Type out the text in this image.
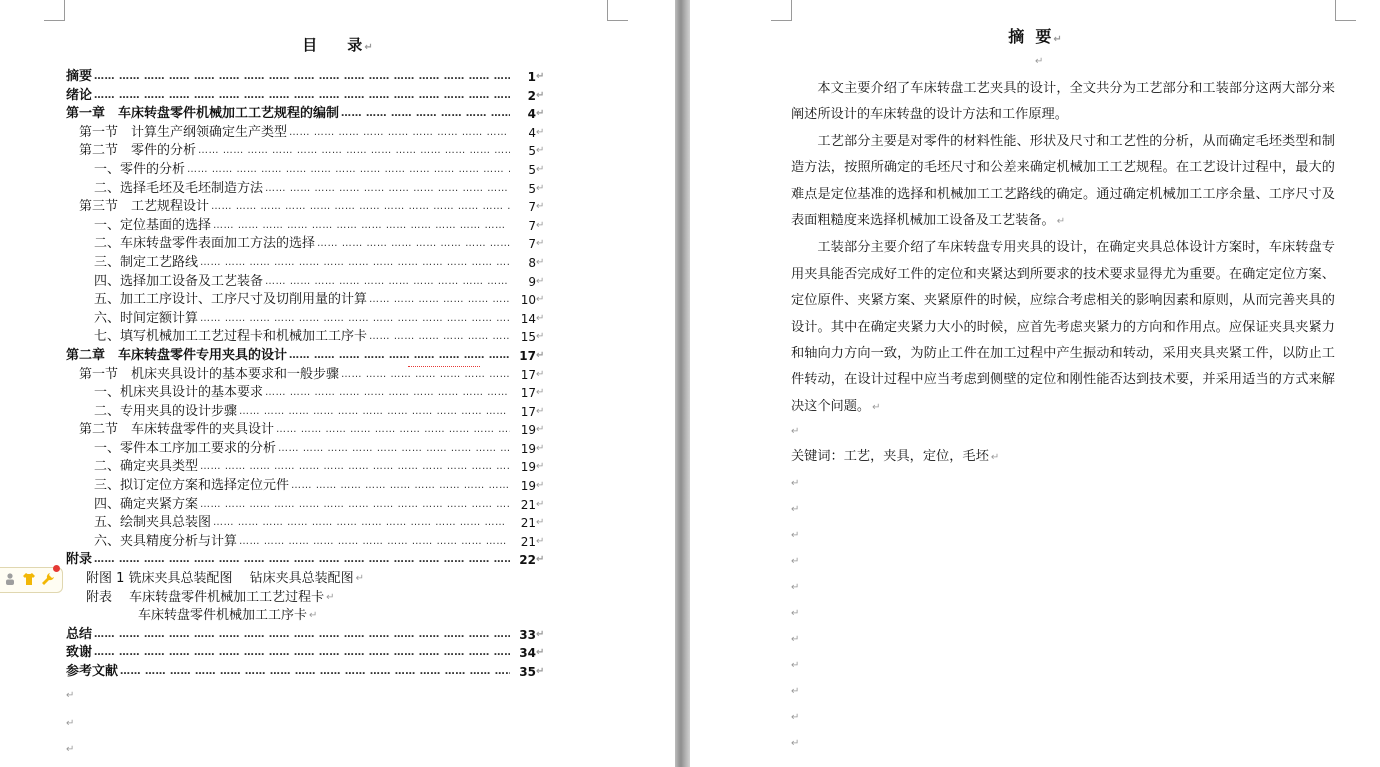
目　　录 ↵
摘要 …… …… …… …… …… …… …… …… …… …… …… …… …… …… …… …… …… …… …… ……	1 ↵
绪论 …… …… …… …… …… …… …… …… …… …… …… …… …… …… …… …… …… …… …… ……	2 ↵
第一章　车床转盘零件机械加工工艺规程的编制 …… …… …… …… …… …… …… …… …… …… …… …… …… …… …… …… …… …… …… ……	4 ↵
第一节　计算生产纲领确定生产类型 …… …… …… …… …… …… …… …… …… …… …… …… …… …… …… …… …… …… …… ……	4 ↵
第二节　零件的分析 …… …… …… …… …… …… …… …… …… …… …… …… …… …… …… …… …… …… …… ……	5 ↵
一、零件的分析 …… …… …… …… …… …… …… …… …… …… …… …… …… …… …… …… …… …… …… ……	5 ↵
二、选择毛坯及毛坯制造方法 …… …… …… …… …… …… …… …… …… …… …… …… …… …… …… …… …… …… …… ……	5 ↵
第三节　工艺规程设计 …… …… …… …… …… …… …… …… …… …… …… …… …… …… …… …… …… …… …… ……	7 ↵
一、定位基面的选择 …… …… …… …… …… …… …… …… …… …… …… …… …… …… …… …… …… …… …… ……	7 ↵
二、车床转盘零件表面加工方法的选择 …… …… …… …… …… …… …… …… …… …… …… …… …… …… …… …… …… …… …… ……	7 ↵
三、制定工艺路线 …… …… …… …… …… …… …… …… …… …… …… …… …… …… …… …… …… …… …… ……	8 ↵
四、选择加工设备及工艺装备 …… …… …… …… …… …… …… …… …… …… …… …… …… …… …… …… …… …… …… ……	9 ↵
五、加工工序设计、工序尺寸及切削用量的计算 …… …… …… …… …… …… …… …… …… …… …… …… …… …… …… …… …… …… …… ……	10 ↵
六、时间定额计算 …… …… …… …… …… …… …… …… …… …… …… …… …… …… …… …… …… …… …… ……	14 ↵
七、填写机械加工工艺过程卡和机械加工工序卡 …… …… …… …… …… …… …… …… …… …… …… …… …… …… …… …… …… …… …… ……	15 ↵
第二章　车床转盘零件专用夹具的设计 …… …… …… …… …… …… …… …… …… …… …… …… …… …… …… …… …… …… …… ……	17 ↵
第一节　机床夹具设计的基本要求和一般步骤 …… …… …… …… …… …… …… …… …… …… …… …… …… …… …… …… …… …… …… ……	17 ↵
一、机床夹具设计的基本要求 …… …… …… …… …… …… …… …… …… …… …… …… …… …… …… …… …… …… …… ……	17 ↵
二、专用夹具的设计步骤 …… …… …… …… …… …… …… …… …… …… …… …… …… …… …… …… …… …… …… ……	17 ↵
第二节　车床转盘零件的夹具设计 …… …… …… …… …… …… …… …… …… …… …… …… …… …… …… …… …… …… …… ……	19 ↵
一、零件本工序加工要求的分析 …… …… …… …… …… …… …… …… …… …… …… …… …… …… …… …… …… …… …… ……	19 ↵
二、确定夹具类型 …… …… …… …… …… …… …… …… …… …… …… …… …… …… …… …… …… …… …… ……	19 ↵
三、拟订定位方案和选择定位元件 …… …… …… …… …… …… …… …… …… …… …… …… …… …… …… …… …… …… …… ……	19 ↵
四、确定夹紧方案 …… …… …… …… …… …… …… …… …… …… …… …… …… …… …… …… …… …… …… ……	21 ↵
五、绘制夹具总装图 …… …… …… …… …… …… …… …… …… …… …… …… …… …… …… …… …… …… …… ……	21 ↵
六、夹具精度分析与计算 …… …… …… …… …… …… …… …… …… …… …… …… …… …… …… …… …… …… …… ……	21 ↵
附录 …… …… …… …… …… …… …… …… …… …… …… …… …… …… …… …… …… …… …… ……	22 ↵
附图 1 铣床夹具总装配图　 钻床夹具总装配图 ↵
附表　 车床转盘零件机械加工工艺过程卡 ↵
车床转盘零件机械加工工序卡 ↵
总结 …… …… …… …… …… …… …… …… …… …… …… …… …… …… …… …… …… …… …… ……	33 ↵
致谢 …… …… …… …… …… …… …… …… …… …… …… …… …… …… …… …… …… …… …… ……	34 ↵
参考文献 …… …… …… …… …… …… …… …… …… …… …… …… …… …… …… …… …… …… …… ……	35 ↵
↵
↵
↵
摘  要 ↵
↵

本文主要介绍了车床转盘工艺夹具的设计，全文共分为工艺部分和工装部分这两大部分来阐述所设计的车床转盘的设计方法和工作原理。

工艺部分主要是对零件的材料性能、形状及尺寸和工艺性的分析，从而确定毛坯类型和制造方法，按照所确定的毛坯尺寸和公差来确定机械加工工艺规程。在工艺设计过程中，最大的难点是定位基准的选择和机械加工工艺路线的确定。通过确定机械加工工序余量、工序尺寸及表面粗糙度来选择机械加工设备及工艺装备。 ↵

工装部分主要介绍了车床转盘专用夹具的设计，在确定夹具总体设计方案时，车床转盘专用夹具能否完成好工件的定位和夹紧达到所要求的技术要求显得尤为重要。在确定定位方案、定位原件、夹紧方案、夹紧原件的时候，应综合考虑相关的影响因素和原则，从而完善夹具的设计。其中在确定夹紧力大小的时候，应首先考虑夹紧力的方向和作用点。应保证夹具夹紧力和轴向力方向一致，为防止工件在加工过程中产生振动和转动，采用夹具夹紧工件，以防止工件转动，在设计过程中应当考虑到侧壁的定位和刚性能否达到技术要，并采用适当的方式来解决这个问题。 ↵

↵
关键词：工艺，夹具，定位，毛坯 ↵
↵
↵
↵
↵
↵
↵
↵
↵
↵
↵
↵
